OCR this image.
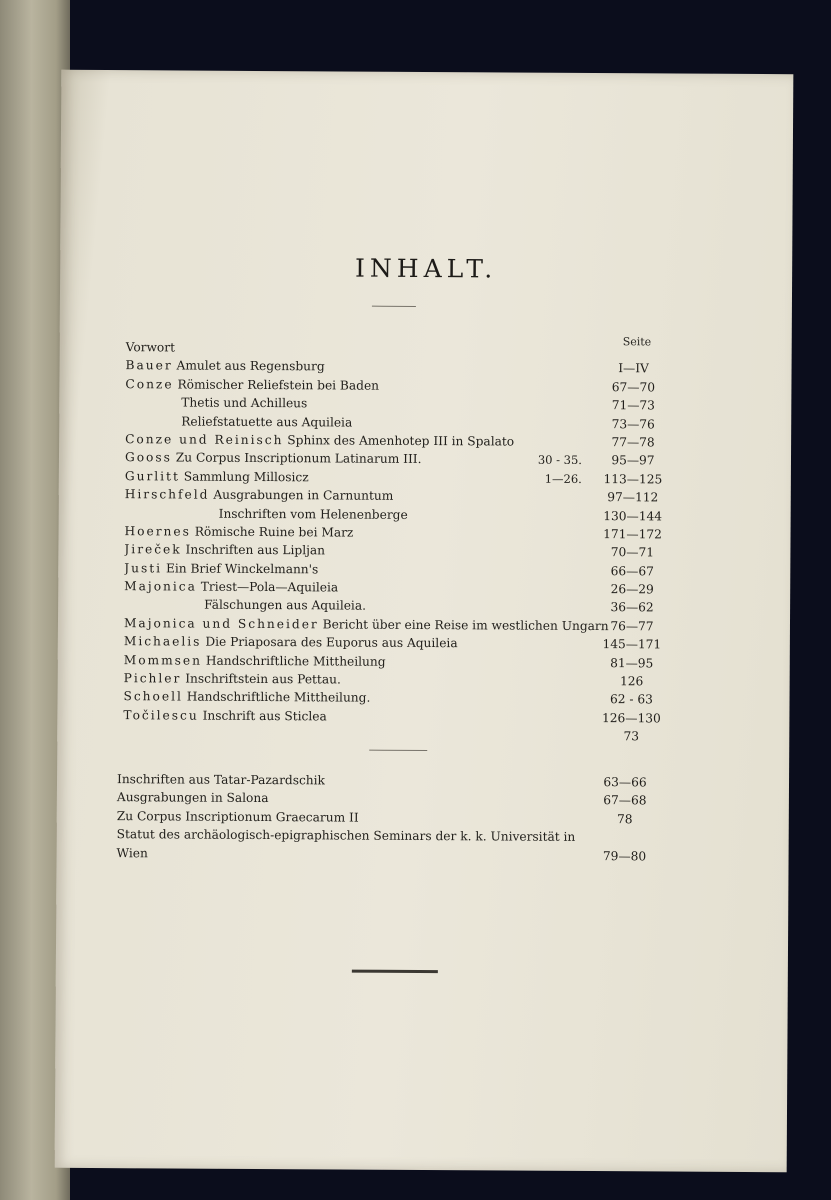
INHALT.
Seite
Vorwort
Bauer Amulet aus Regensburg	I—IV
Conze Römischer Reliefstein bei Baden	67—70
Thetis und Achilleus	71—73
Reliefstatuette aus Aquileia	73—76
Conze und Reinisch Sphinx des Amenhotep III in Spalato	77—78
Gooss Zu Corpus Inscriptionum Latinarum III.	30 - 35.	95—97
Gurlitt Sammlung Millosicz	1—26.	113—125
Hirschfeld Ausgrabungen in Carnuntum	97—112
Inschriften vom Helenenberge	130—144
Hoernes Römische Ruine bei Marz	171—172
Jireček Inschriften aus Lipljan	70—71
Justi Ein Brief Winckelmann's	66—67
Majonica Triest—Pola—Aquileia	26—29
Fälschungen aus Aquileia.	36—62
Majonica und Schneider Bericht über eine Reise im westlichen Ungarn 76—77
Michaelis Die Priaposara des Euporus aus Aquileia	145—171
Mommsen Handschriftliche Mittheilung	81—95
Pichler Inschriftstein aus Pettau.	126
Schoell Handschriftliche Mittheilung.	62 - 63
Točilescu Inschrift aus Sticlea	126—130
73
Inschriften aus Tatar-Pazardschik	63—66
Ausgrabungen in Salona	67—68
Zu Corpus Inscriptionum Graecarum II	78
Statut des archäologisch-epigraphischen Seminars der k. k. Universität in Wien	79—80
